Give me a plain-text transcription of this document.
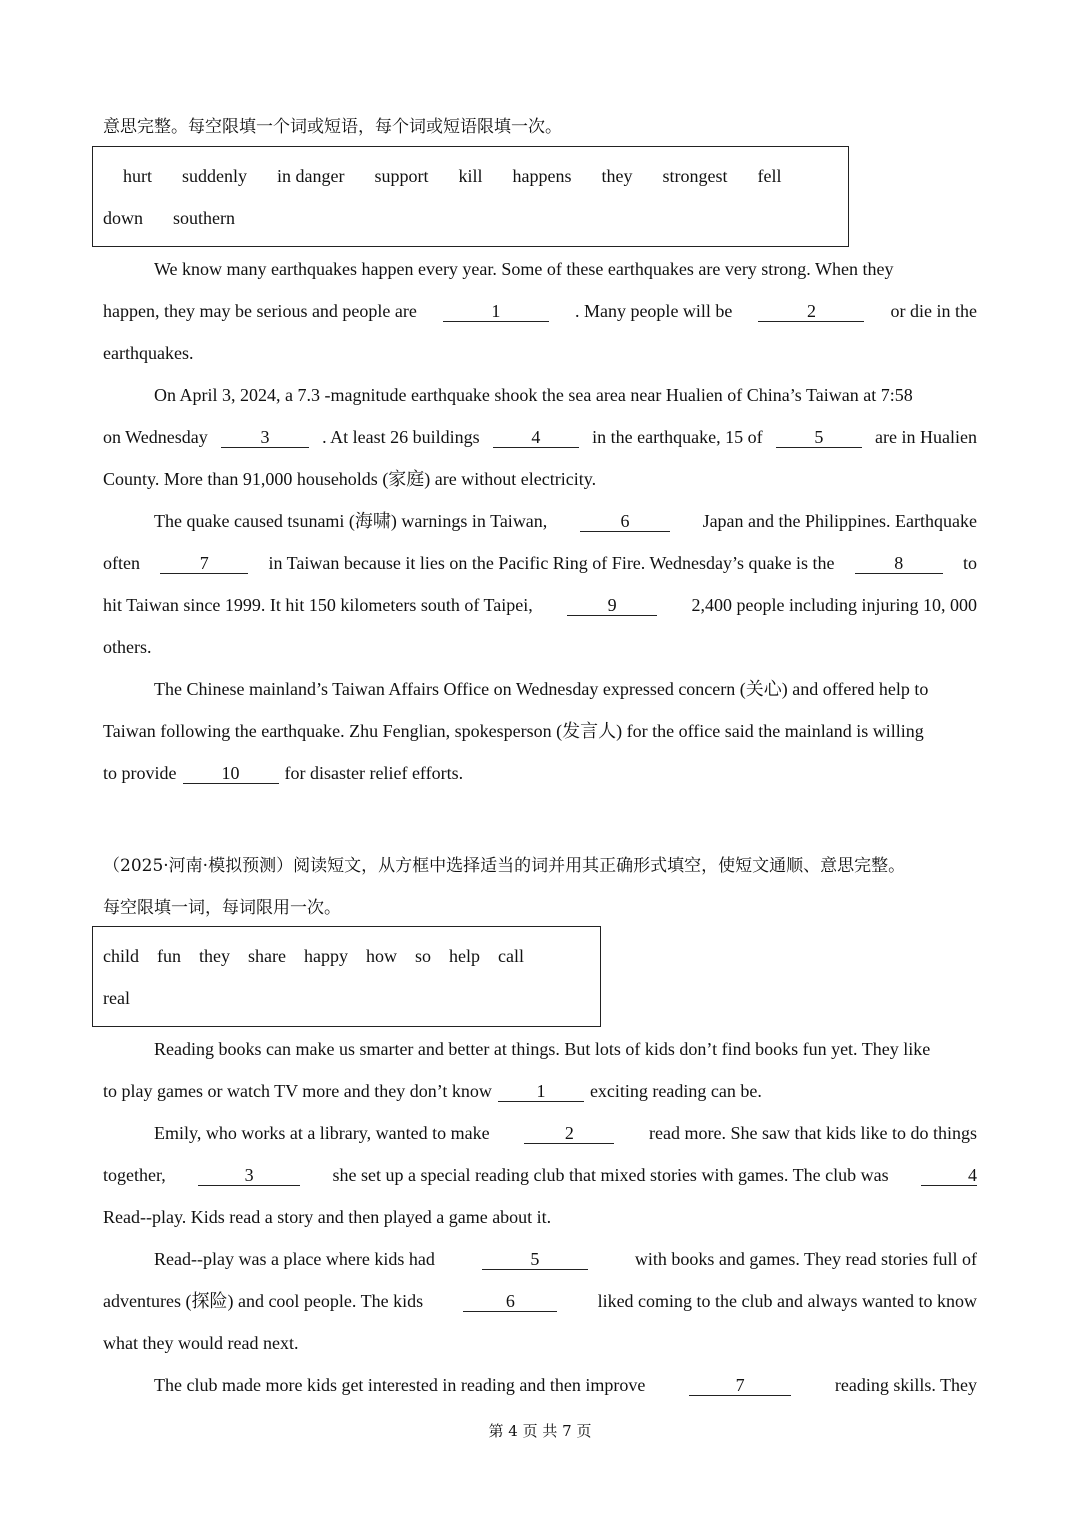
意思完整。每空限填一个词或短语，每个词或短语限填一次。
hurt suddenly in danger support kill happens they strongest fell
down southern
We know many earthquakes happen every year. Some of these earthquakes are very strong. When they
happen, they may be serious and people are	1	. Many people will be	2	or die in the
earthquakes.
On April 3, 2024, a 7.3 -magnitude earthquake shook the sea area near Hualien of China’s Taiwan at 7:58
on Wednesday	3	. At least 26 buildings	4	in the earthquake, 15 of	5	are in Hualien
County. More than 91,000 households (家庭) are without electricity.
The quake caused tsunami (海啸) warnings in Taiwan,	6	Japan and the Philippines. Earthquake
often	7	in Taiwan because it lies on the Pacific Ring of Fire. Wednesday’s quake is the	8	to
hit Taiwan since 1999. It hit 150 kilometers south of Taipei,	9	2,400 people including injuring 10, 000
others.
The Chinese mainland’s Taiwan Affairs Office on Wednesday expressed concern (关心) and offered help to
Taiwan following the earthquake. Zhu Fenglian, spokesperson (发言人) for the office said the mainland is willing
to provide	10	for disaster relief efforts.
（2025·河南·模拟预测）阅读短文，从方框中选择适当的词并用其正确形式填空，使短文通顺、意思完整。
每空限填一词，每词限用一次。
child fun they share happy how so help call
real
Reading books can make us smarter and better at things. But lots of kids don’t find books fun yet. They like
to play games or watch TV more and they don’t know	1	exciting reading can be.
Emily, who works at a library, wanted to make	2	read more. She saw that kids like to do things
together,	3	she set up a special reading club that mixed stories with games. The club was	4
Read--play. Kids read a story and then played a game about it.
Read--play was a place where kids had	5	with books and games. They read stories full of
adventures (探险) and cool people. The kids	6	liked coming to the club and always wanted to know
what they would read next.
The club made more kids get interested in reading and then improve	7	reading skills. They
第 4 页 共 7 页
